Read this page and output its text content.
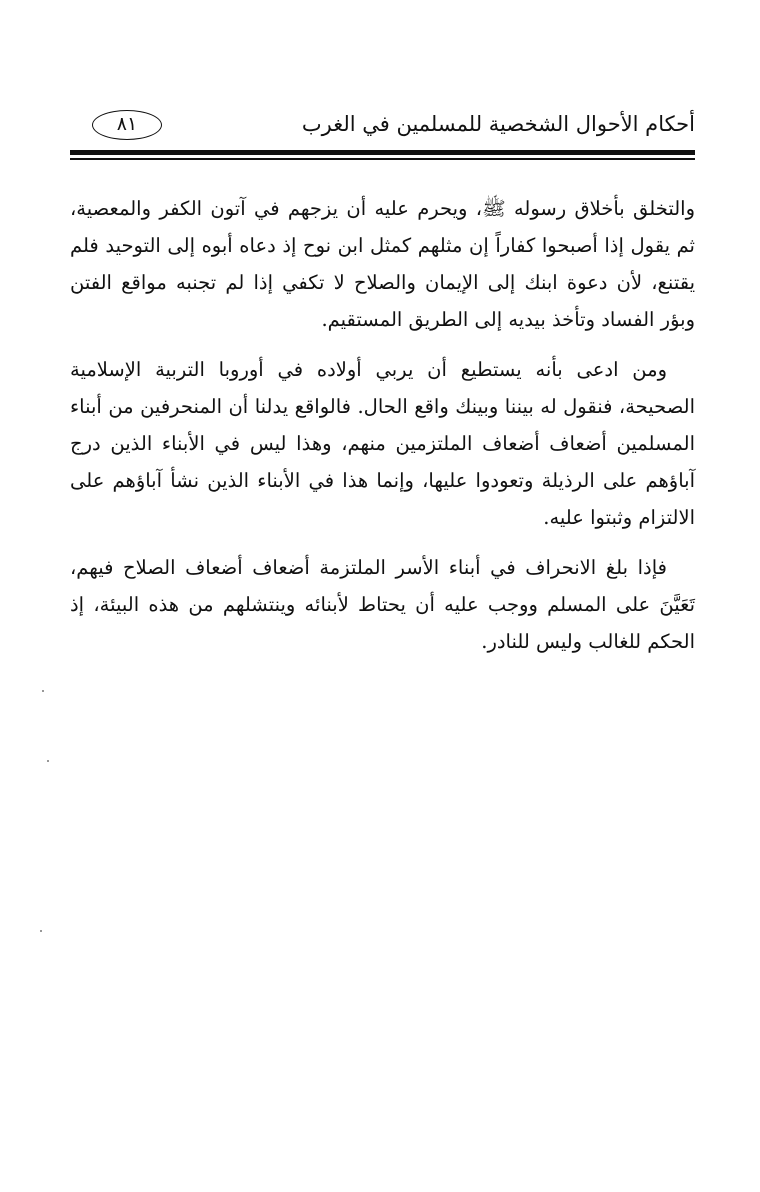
أحكام الأحوال الشخصية للمسلمين في الغرب
٨١

والتخلق بأخلاق رسوله ﷺ، ويحرم عليه أن يزجهم في آتون الكفر والمعصية، ثم يقول إذا أصبحوا كفاراً إن مثلهم كمثل ابن نوح إذ دعاه أبوه إلى التوحيد فلم يقتنع، لأن دعوة ابنك إلى الإيمان والصلاح لا تكفي إذا لم تجنبه مواقع الفتن وبؤر الفساد وتأخذ بيديه إلى الطريق المستقيم.

ومن ادعى بأنه يستطيع أن يربي أولاده في أوروبا التربية الإسلامية الصحيحة، فنقول له بيننا وبينك واقع الحال. فالواقع يدلنا أن المنحرفين من أبناء المسلمين أضعاف أضعاف الملتزمين منهم، وهذا ليس في الأبناء الذين درج آباؤهم على الرذيلة وتعودوا عليها، وإنما هذا في الأبناء الذين نشأ آباؤهم على الالتزام وثبتوا عليه.

فإذا بلغ الانحراف في أبناء الأسر الملتزمة أضعاف أضعاف الصلاح فيهم، تَعَيَّنَ على المسلم ووجب عليه أن يحتاط لأبنائه وينتشلهم من هذه البيئة، إذ الحكم للغالب وليس للنادر.
